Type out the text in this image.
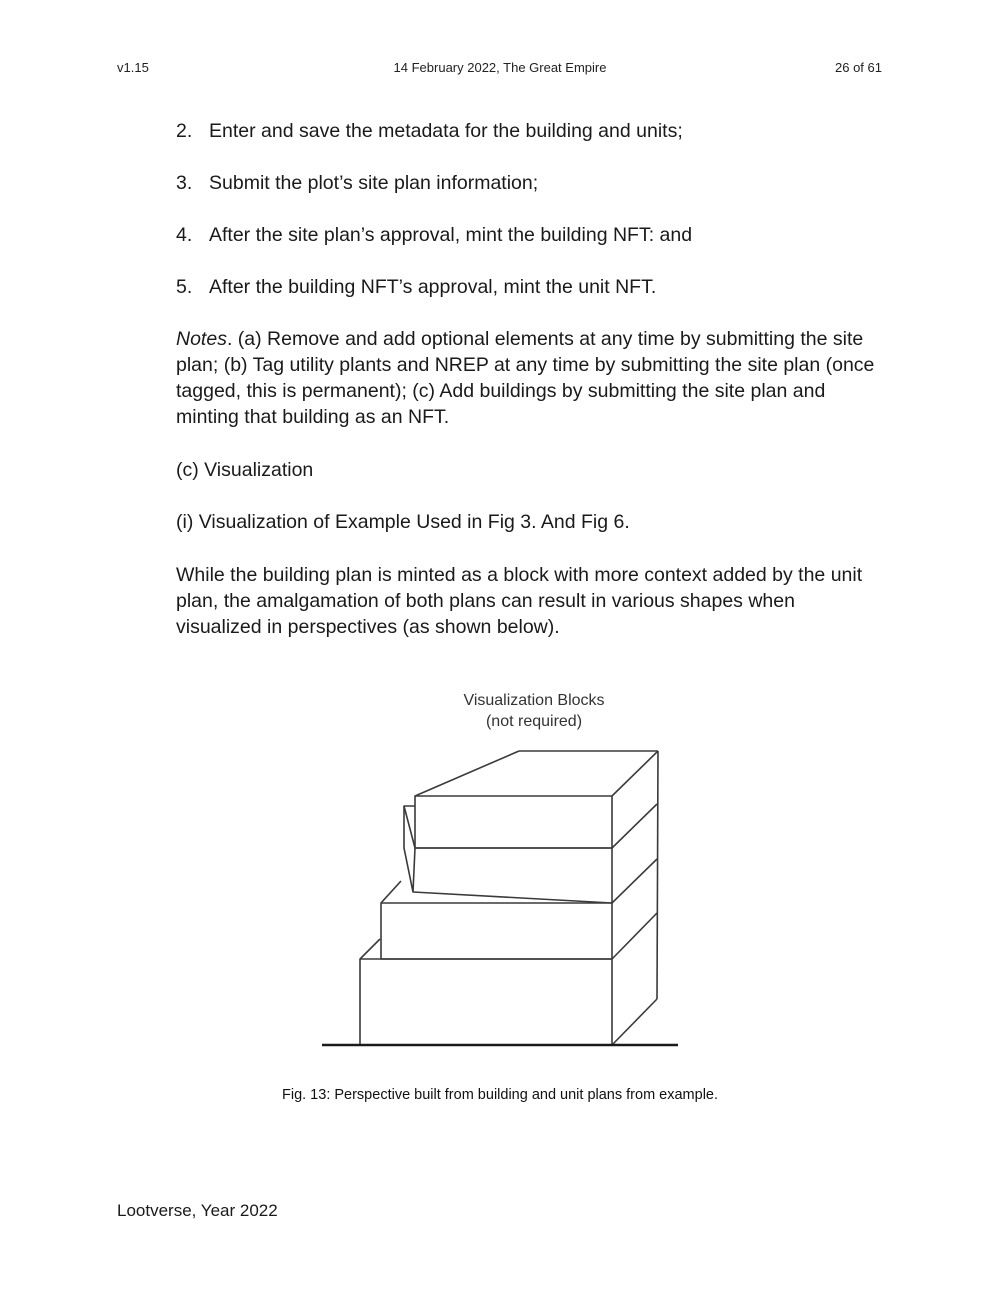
v1.15	14 February 2022, The Great Empire	26 of 61
2. Enter and save the metadata for the building and units;
3. Submit the plot’s site plan information;
4. After the site plan’s approval, mint the building NFT: and
5. After the building NFT’s approval, mint the unit NFT.
Notes. (a) Remove and add optional elements at any time by submitting the site plan; (b) Tag utility plants and NREP at any time by submitting the site plan (once tagged, this is permanent); (c) Add buildings by submitting the site plan and minting that building as an NFT.
(c) Visualization
(i) Visualization of Example Used in Fig 3. And Fig 6.
While the building plan is minted as a block with more context added by the unit plan, the amalgamation of both plans can result in various shapes when visualized in perspectives (as shown below).
Visualization Blocks
(not required)
Fig. 13: Perspective built from building and unit plans from example.
Lootverse, Year 2022
